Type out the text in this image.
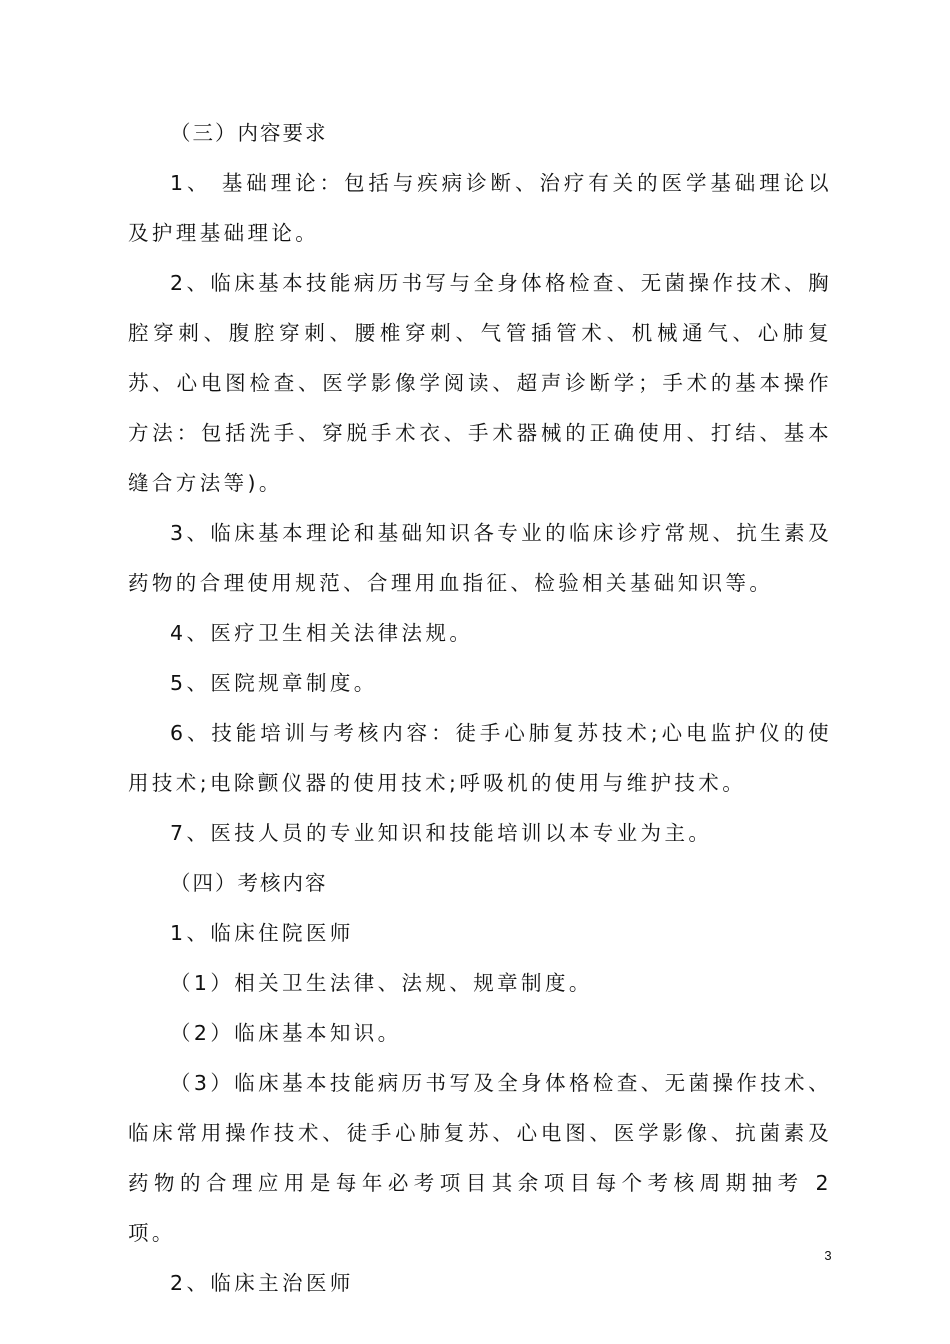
（三）内容要求

1、 基础理论：包括与疾病诊断、治疗有关的医学基础理论以及护理基础理论。

2、临床基本技能病历书写与全身体格检查、无菌操作技术、胸腔穿刺、腹腔穿刺、腰椎穿刺、气管插管术、机械通气、心肺复苏、心电图检查、医学影像学阅读、超声诊断学；手术的基本操作方法：包括洗手、穿脱手术衣、手术器械的正确使用、打结、基本缝合方法等)。

3、临床基本理论和基础知识各专业的临床诊疗常规、抗生素及药物的合理使用规范、合理用血指征、检验相关基础知识等。

4、医疗卫生相关法律法规。

5、医院规章制度。

6、技能培训与考核内容：徒手心肺复苏技术;心电监护仪的使用技术;电除颤仪器的使用技术;呼吸机的使用与维护技术。

7、医技人员的专业知识和技能培训以本专业为主。

（四）考核内容

1、临床住院医师

（1）相关卫生法律、法规、规章制度。

（2）临床基本知识。

（3）临床基本技能病历书写及全身体格检查、无菌操作技术、临床常用操作技术、徒手心肺复苏、心电图、医学影像、抗菌素及药物的合理应用是每年必考项目其余项目每个考核周期抽考 2 项。

2、临床主治医师

3
